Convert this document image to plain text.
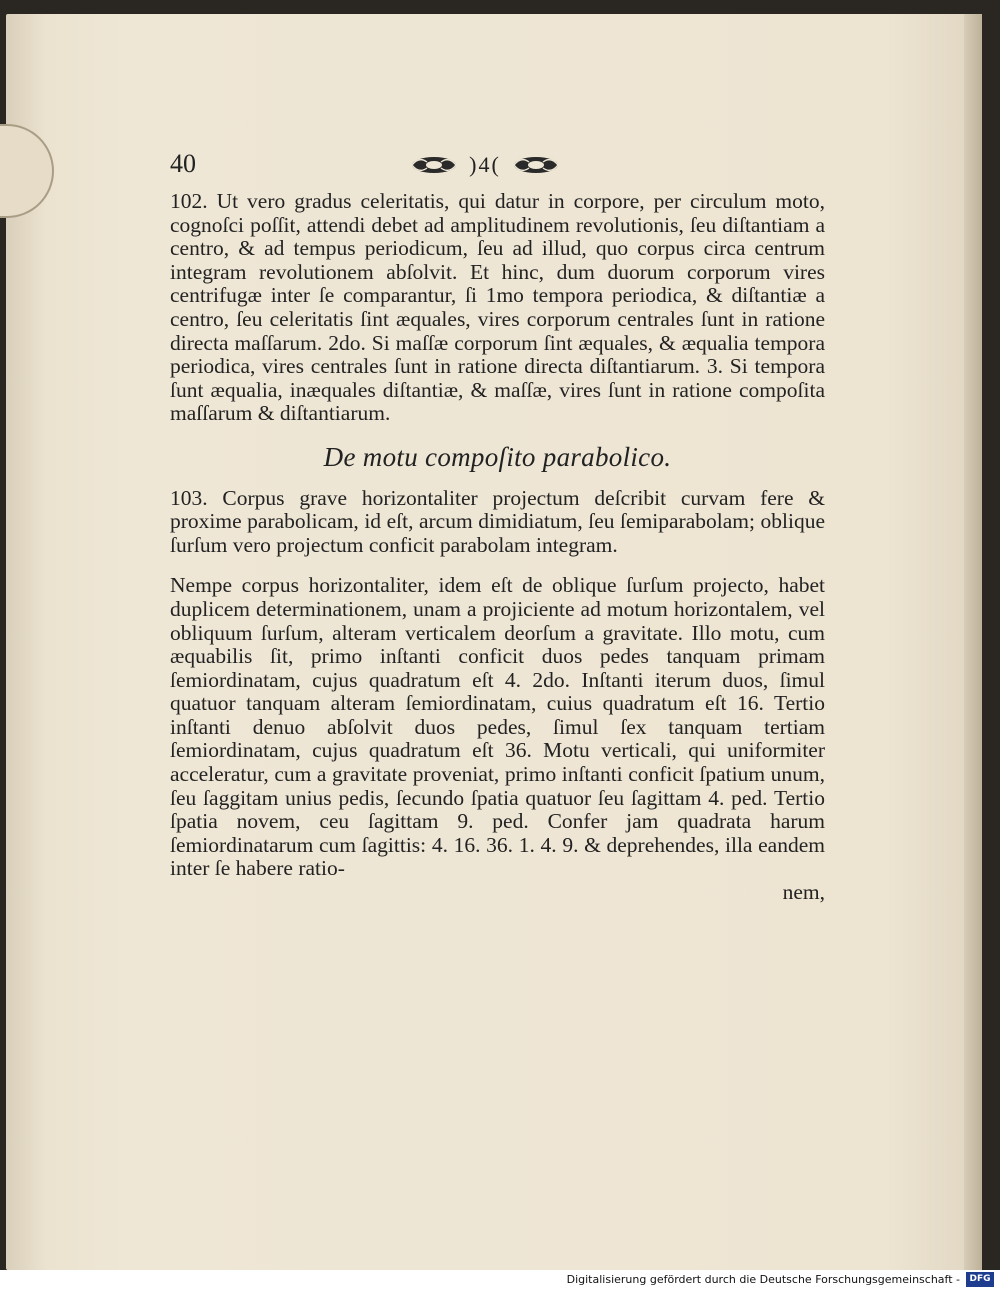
40	)4(

102. Ut vero gradus celeritatis, qui datur in corpore, per circulum moto, cognoſci poſſit, attendi debet ad amplitudinem revolutionis, ſeu diſtantiam a centro, & ad tempus periodicum, ſeu ad illud, quo corpus circa centrum integram revolutionem abſolvit. Et hinc, dum duorum corporum vires centrifugæ inter ſe comparantur, ſi 1mo tempora periodica, & diſtantiæ a centro, ſeu celeritatis ſint æquales, vires corporum centrales ſunt in ratione directa maſſarum. 2do. Si maſſæ corporum ſint æquales, & æqualia tempora periodica, vires centrales ſunt in ratione directa diſtantiarum. 3. Si tempora ſunt æqualia, inæquales diſtantiæ, & maſſæ, vires ſunt in ratione compoſita maſſarum & diſtantiarum.

De motu compoſito parabolico.

103. Corpus grave horizontaliter projectum deſcribit curvam fere & proxime parabolicam, id eſt, arcum dimidiatum, ſeu ſemiparabolam; oblique ſurſum vero projectum conficit parabolam integram.

Nempe corpus horizontaliter, idem eſt de oblique ſurſum projecto, habet duplicem determinationem, unam a projiciente ad motum horizontalem, vel obliquum ſurſum, alteram verticalem deorſum a gravitate. Illo motu, cum æquabilis ſit, primo inſtanti conficit duos pedes tanquam primam ſemiordinatam, cujus quadratum eſt 4. 2do. Inſtanti iterum duos, ſimul quatuor tanquam alteram ſemiordinatam, cuius quadratum eſt 16. Tertio inſtanti denuo abſolvit duos pedes, ſimul ſex tanquam tertiam ſemiordinatam, cujus quadratum eſt 36. Motu verticali, qui uniformiter acceleratur, cum a gravitate proveniat, primo inſtanti conficit ſpatium unum, ſeu ſaggitam unius pedis, ſecundo ſpatia quatuor ſeu ſagittam 4. ped. Tertio ſpatia novem, ceu ſagittam 9. ped. Confer jam quadrata harum ſemiordinatarum cum ſagittis: 4. 16. 36. 1. 4. 9. & deprehendes, illa eandem inter ſe habere ratio-

nem,

Digitalisierung gefördert durch die Deutsche Forschungsgemeinschaft -	DFG
